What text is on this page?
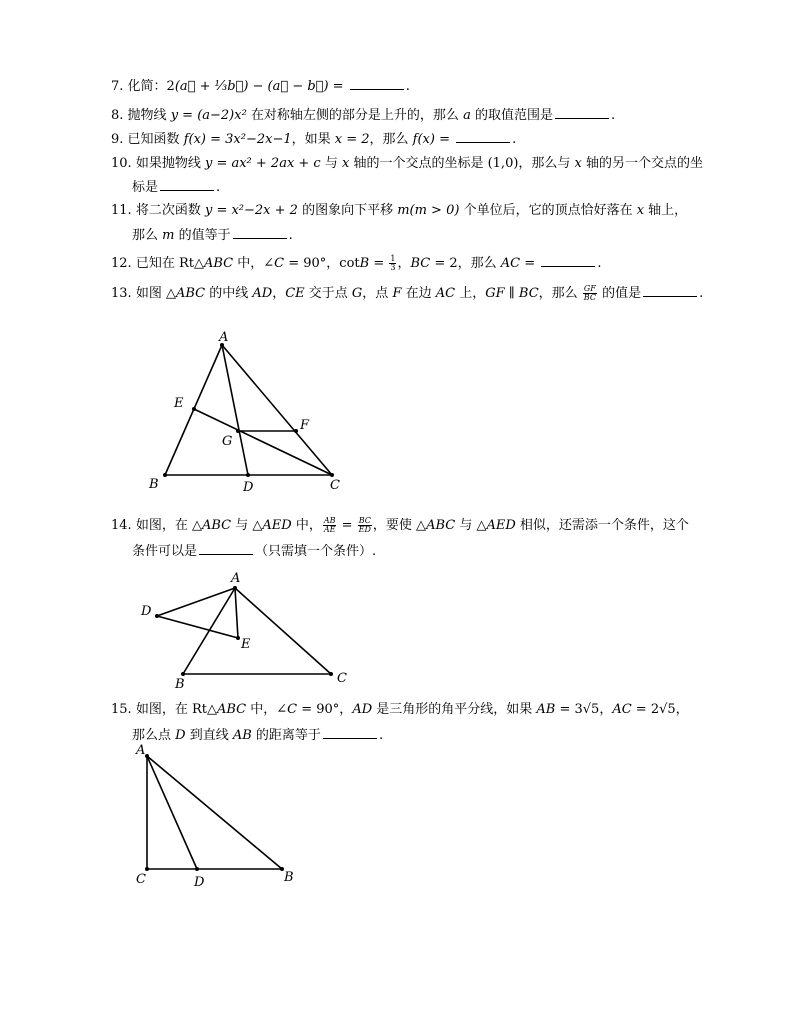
7. 化简：2(a⃗ + ⅓b⃗) − (a⃗ − b⃗) =	.
8. 抛物线 y = (a−2)x² 在对称轴左侧的部分是上升的，那么 a 的取值范围是	.
9. 已知函数 f(x) = 3x²−2x−1，如果 x = 2，那么 f(x) =	.
10. 如果抛物线 y = ax² + 2ax + c 与 x 轴的一个交点的坐标是 (1,0)，那么与 x 轴的另一个交点的坐
标是	.
11. 将二次函数 y = x²−2x + 2 的图象向下平移 m(m > 0) 个单位后，它的顶点恰好落在 x 轴上，
那么 m 的值等于	.
12. 已知在 Rt△ABC 中，∠C = 90°，$\cot B = \frac{1}{3}$ ，BC = 2，那么 AC =	.
13. 如图 △ABC 的中线 AD，CE 交于点 G，点 F 在边 AC 上，GF ∥ BC，那么 $\frac{GF}{BC}$ 的值是	.
A
B	C
D
E
F
G
14. 如图，在 △ABC 与 △AED 中， $\frac{AB}{AE} = \frac{BC}{ED}$ ，要使 △ABC 与 △AED 相似，还需添一个条件，这个
条件可以是	（只需填一个条件）.
A
B	C
D
E
15. 如图，在 Rt△ABC 中，∠C = 90°，AD 是三角形的角平分线，如果 AB = 3√5，AC = 2√5，
那么点 D 到直线 AB 的距离等于	.
A
C	D	B
